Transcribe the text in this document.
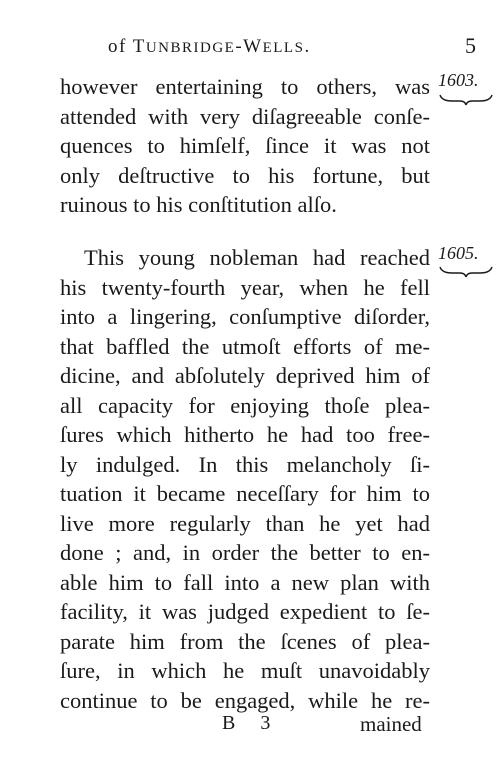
of TUNBRIDGE-WELLS.	5
1603.
1605.
however entertaining to others, was
attended with very diſagreeable conſe-
quences to himſelf, ſince it was not
only deſtructive to his fortune, but
ruinous to his conſtitution alſo.
This young nobleman had reached
his twenty-fourth year, when he fell
into a lingering, conſumptive diſorder,
that baffled the utmoſt efforts of me-
dicine, and abſolutely deprived him of
all capacity for enjoying thoſe plea-
ſures which hitherto he had too free-
ly indulged. In this melancholy ſi-
tuation it became neceſſary for him to
live more regularly than he yet had
done ; and, in order the better to en-
able him to fall into a new plan with
facility, it was judged expedient to ſe-
parate him from the ſcenes of plea-
ſure, in which he muſt unavoidably
continue to be engaged, while he re-
B 3	mained
